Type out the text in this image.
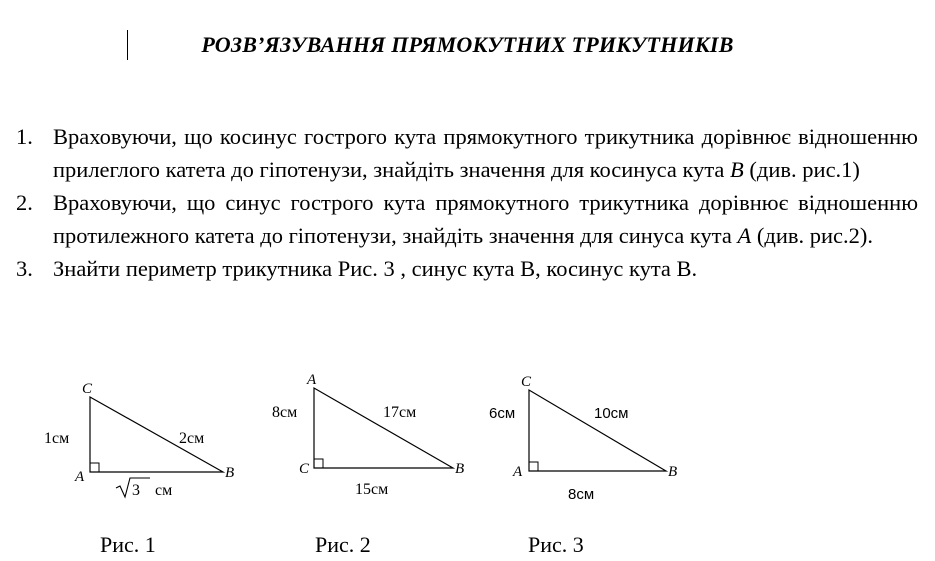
РОЗВ’ЯЗУВАННЯ ПРЯМОКУТНИХ ТРИКУТНИКІВ
1. Враховуючи, що косинус гострого кута прямокутного трикутника дорівнює відношенню прилеглого катета до гіпотенузи, знайдіть значення для косинуса кута B (див. рис.1)
2. Враховуючи, що синус гострого кута прямокутного трикутника дорівнює відношенню протилежного катета до гіпотенузи, знайдіть значення для синуса кута A (див. рис.2).
3. Знайти периметр трикутника Рис. 3 , синус кута В, косинус кута В.
C
A	B
1см	2см
3 см
Рис. 1
A
C	B
8см	17см
15см
Рис. 2
C
A	B
6см	10см
8см
Рис. 3
